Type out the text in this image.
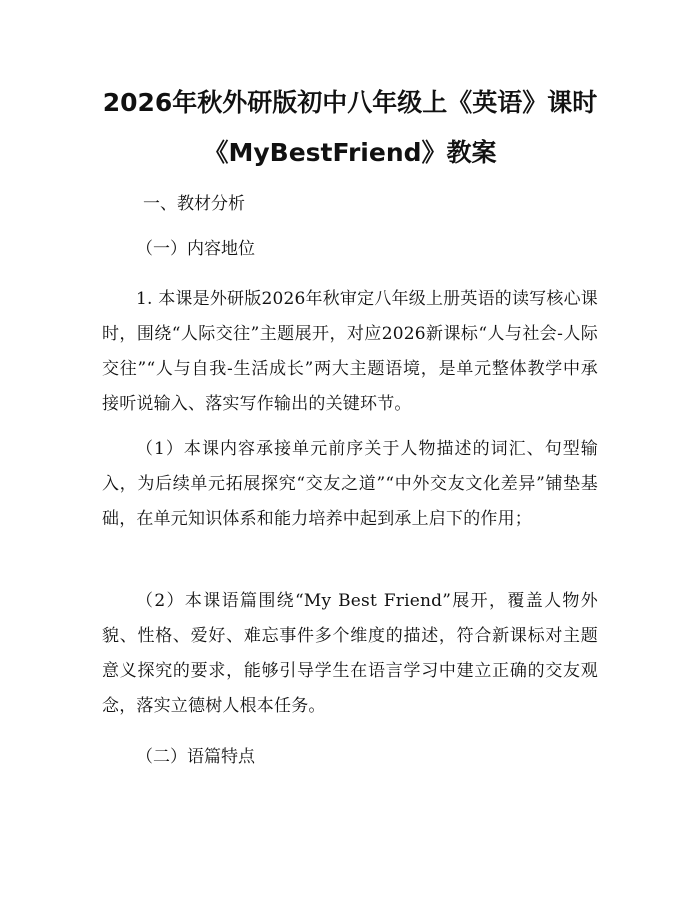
2026年秋外研版初中八年级上《英语》课时
《MyBestFriend》教案
一、教材分析
（一）内容地位
1. 本课是外研版2026年秋审定八年级上册英语的读写核心课时，围绕“人际交往”主题展开，对应2026新课标“人与社会-人际交往”“人与自我-生活成长”两大主题语境，是单元整体教学中承接听说输入、落实写作输出的关键环节。
（1）本课内容承接单元前序关于人物描述的词汇、句型输入，为后续单元拓展探究“交友之道”“中外交友文化差异”铺垫基础，在单元知识体系和能力培养中起到承上启下的作用；
（2）本课语篇围绕“My Best Friend”展开，覆盖人物外貌、性格、爱好、难忘事件多个维度的描述，符合新课标对主题意义探究的要求，能够引导学生在语言学习中建立正确的交友观念，落实立德树人根本任务。
（二）语篇特点
